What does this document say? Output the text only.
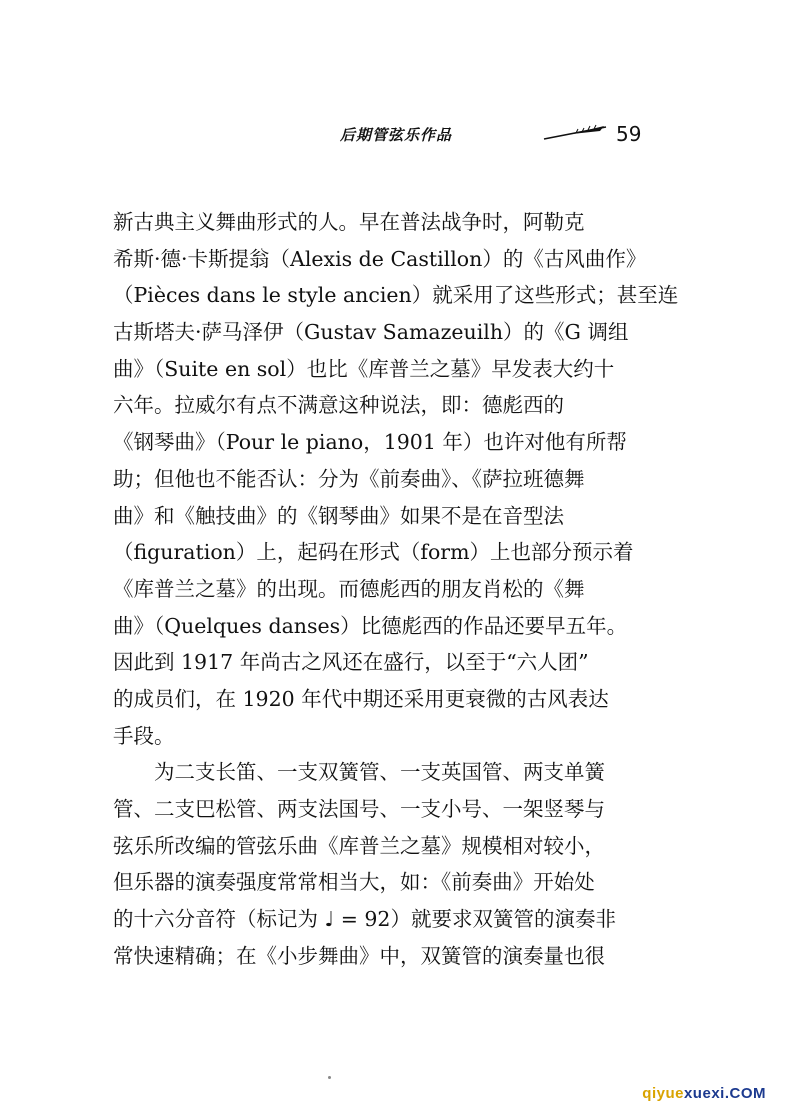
后期管弦乐作品	59
新古典主义舞曲形式的人。早在普法战争时，阿勒克
希斯·德·卡斯提翁（Alexis de Castillon）的《古风曲作》
（Pièces dans le style ancien）就采用了这些形式；甚至连
古斯塔夫·萨马泽伊（Gustav Samazeuilh）的《G 调组
曲》（Suite en sol）也比《库普兰之墓》早发表大约十
六年。拉威尔有点不满意这种说法，即：德彪西的
《钢琴曲》（Pour le piano，1901 年）也许对他有所帮
助；但他也不能否认：分为《前奏曲》、《萨拉班德舞
曲》和《触技曲》的《钢琴曲》如果不是在音型法
（figuration）上，起码在形式（form）上也部分预示着
《库普兰之墓》的出现。而德彪西的朋友肖松的《舞
曲》（Quelques danses）比德彪西的作品还要早五年。
因此到 1917 年尚古之风还在盛行，以至于“六人团”
的成员们，在 1920 年代中期还采用更衰微的古风表达
手段。
为二支长笛、一支双簧管、一支英国管、两支单簧
管、二支巴松管、两支法国号、一支小号、一架竖琴与
弦乐所改编的管弦乐曲《库普兰之墓》规模相对较小，
但乐器的演奏强度常常相当大，如：《前奏曲》开始处
的十六分音符（标记为 ♩ = 92）就要求双簧管的演奏非
常快速精确；在《小步舞曲》中，双簧管的演奏量也很
qiyuexuexi.COM
